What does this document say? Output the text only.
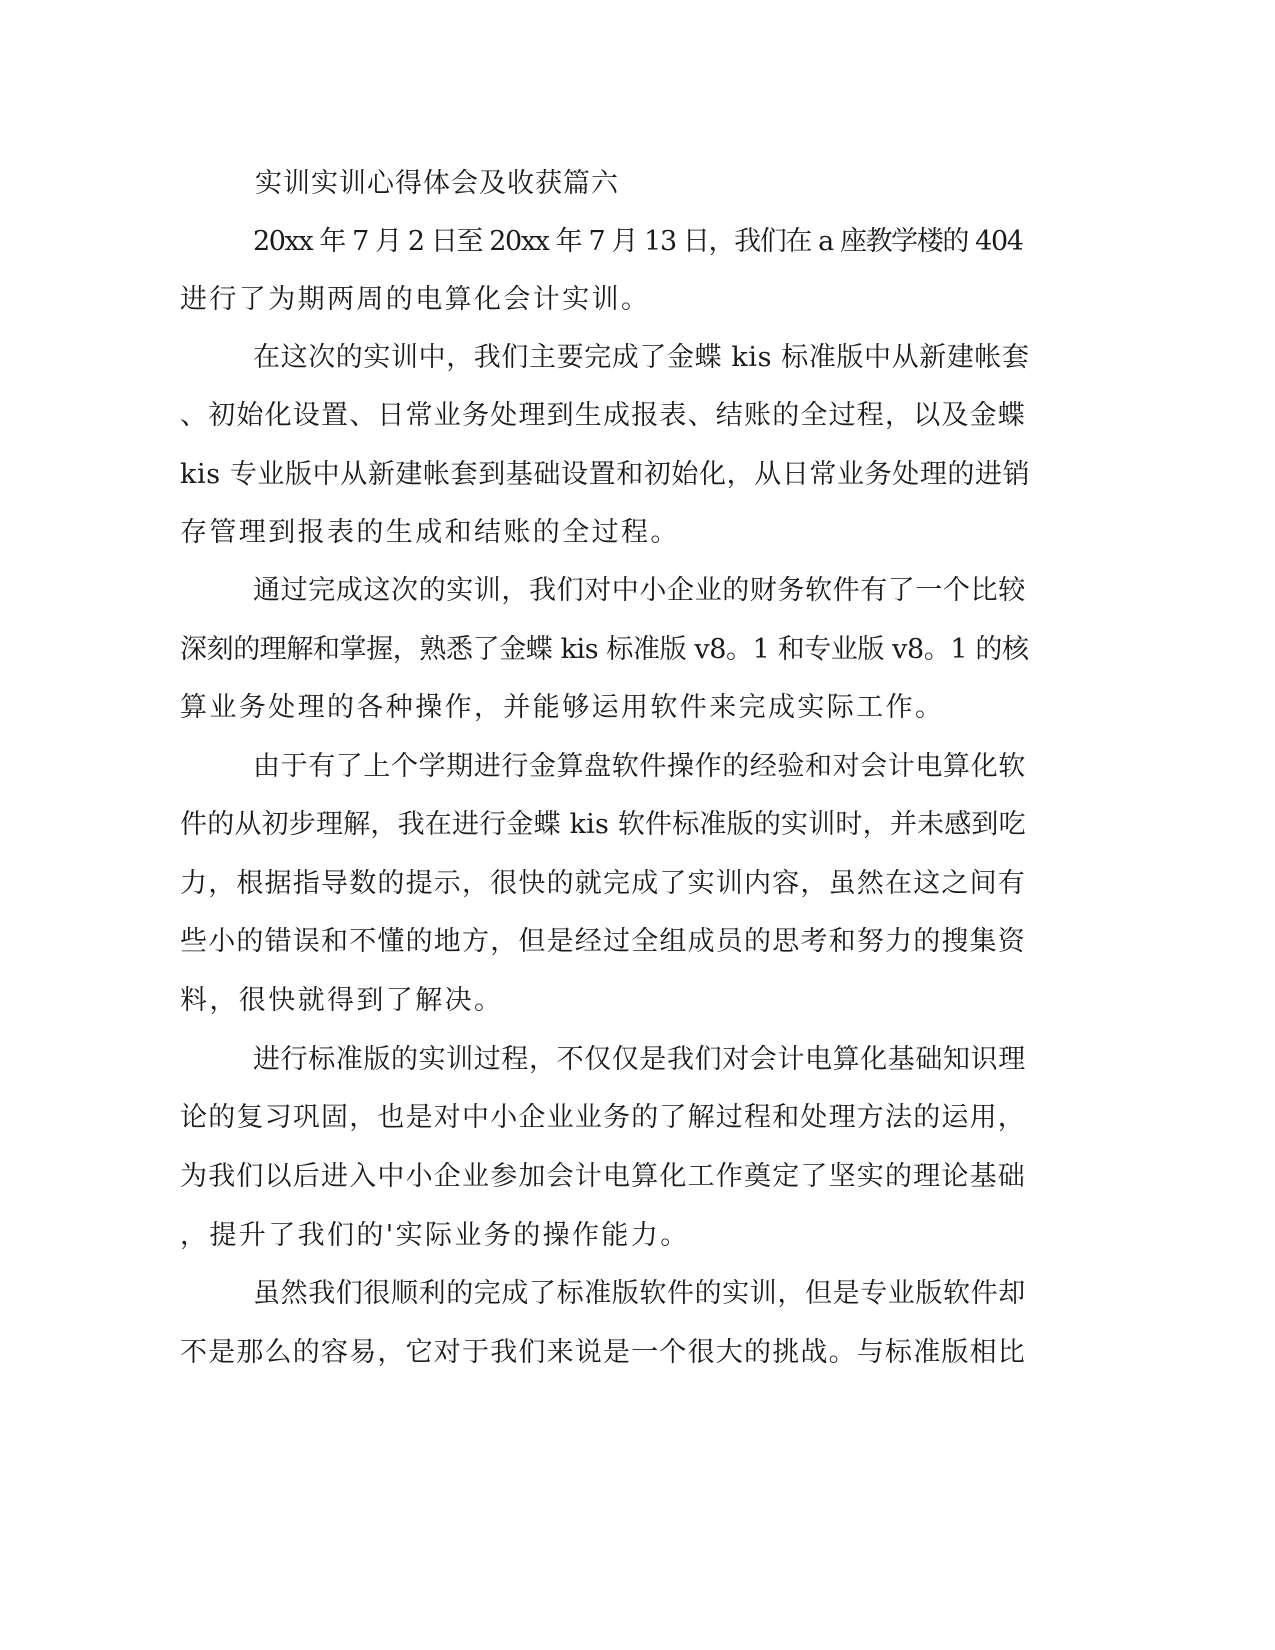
实训实训心得体会及收获篇六
20xx 年 7 月 2 日至 20xx 年 7 月 13 日，我们在 a 座教学楼的 404
进行了为期两周的电算化会计实训。
在这次的实训中，我们主要完成了金蝶 kis 标准版中从新建帐套
、初始化设置、日常业务处理到生成报表、结账的全过程，以及金蝶
kis 专业版中从新建帐套到基础设置和初始化，从日常业务处理的进销
存管理到报表的生成和结账的全过程。
通过完成这次的实训，我们对中小企业的财务软件有了一个比较
深刻的理解和掌握，熟悉了金蝶 kis 标准版 v8。1 和专业版 v8。1 的核
算业务处理的各种操作，并能够运用软件来完成实际工作。
由于有了上个学期进行金算盘软件操作的经验和对会计电算化软
件的从初步理解，我在进行金蝶 kis 软件标准版的实训时，并未感到吃
力，根据指导数的提示，很快的就完成了实训内容，虽然在这之间有
些小的错误和不懂的地方，但是经过全组成员的思考和努力的搜集资
料，很快就得到了解决。
进行标准版的实训过程，不仅仅是我们对会计电算化基础知识理
论的复习巩固，也是对中小企业业务的了解过程和处理方法的运用，
为我们以后进入中小企业参加会计电算化工作奠定了坚实的理论基础
，提升了我们的'实际业务的操作能力。
虽然我们很顺利的完成了标准版软件的实训，但是专业版软件却
不是那么的容易，它对于我们来说是一个很大的挑战。与标准版相比
